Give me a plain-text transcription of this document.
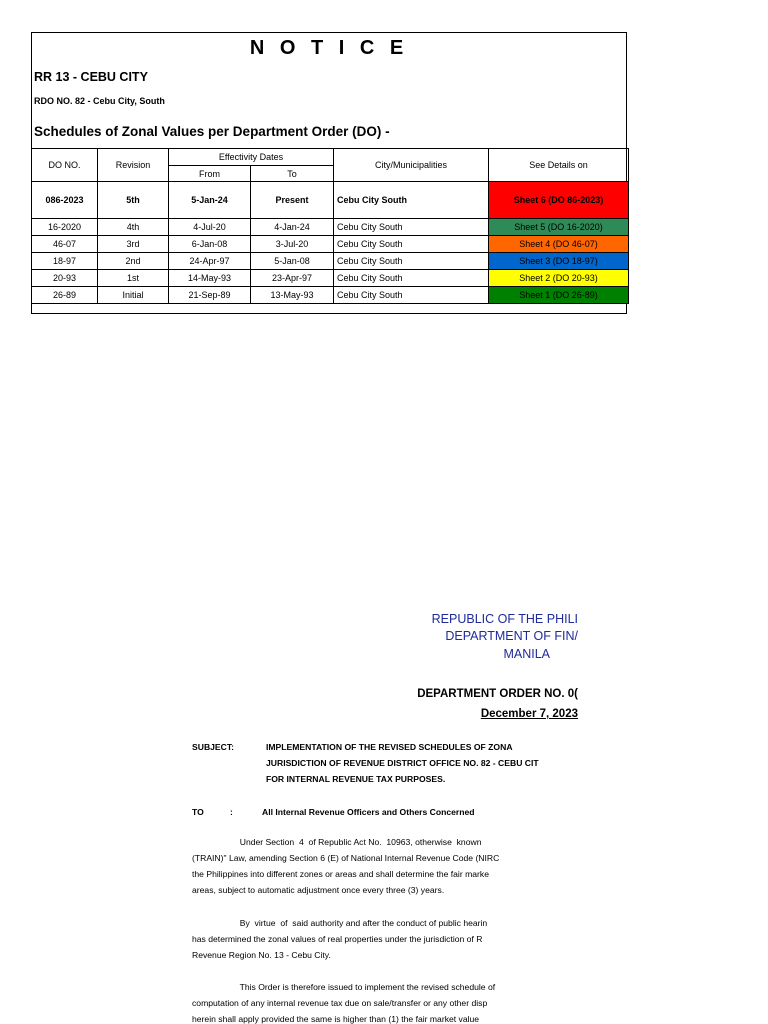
N O T I C E
RR 13 - CEBU CITY
RDO NO. 82 - Cebu City, South
Schedules of Zonal Values per Department Order (DO) -
DO NO.	Revision	Effectivity Dates		City/Municipalities	See Details on
		From	To		
086-2023	5th	5-Jan-24	Present	Cebu City South	Sheet 6 (DO 86-2023)
16-2020	4th	4-Jul-20	4-Jan-24	Cebu City South	Sheet 5 (DO 16-2020)
46-07	3rd	6-Jan-08	3-Jul-20	Cebu City South	Sheet 4 (DO 46-07)
18-97	2nd	24-Apr-97	5-Jan-08	Cebu City South	Sheet 3 (DO 18-97)
20-93	1st	14-May-93	23-Apr-97	Cebu City South	Sheet 2 (DO 20-93)
26-89	Initial	21-Sep-89	13-May-93	Cebu City South	Sheet 1 (DO 26-89)
REPUBLIC OF THE PHILI
DEPARTMENT OF FIN/
MANILA
DEPARTMENT ORDER NO. 0(
December 7, 2023
SUBJECT:	IMPLEMENTATION OF THE REVISED SCHEDULES OF ZONA
JURISDICTION OF REVENUE DISTRICT OFFICE NO. 82 - CEBU CIT
FOR INTERNAL REVENUE TAX PURPOSES.
TO	:	All Internal Revenue Officers and Others Concerned
Under Section  4  of Republic Act No.  10963, otherwise  known
(TRAIN)" Law, amending Section 6 (E) of National Internal Revenue Code (NIRC
the Philippines into different zones or areas and shall determine the fair marke
areas, subject to automatic adjustment once every three (3) years.
By  virtue  of  said authority and after the conduct of public hearin
has determined the zonal values of real properties under the jurisdiction of R
Revenue Region No. 13 - Cebu City.
This Order is therefore issued to implement the revised schedule of
computation of any internal revenue tax due on sale/transfer or any other disp
herein shall apply provided the same is higher than (1) the fair market value
